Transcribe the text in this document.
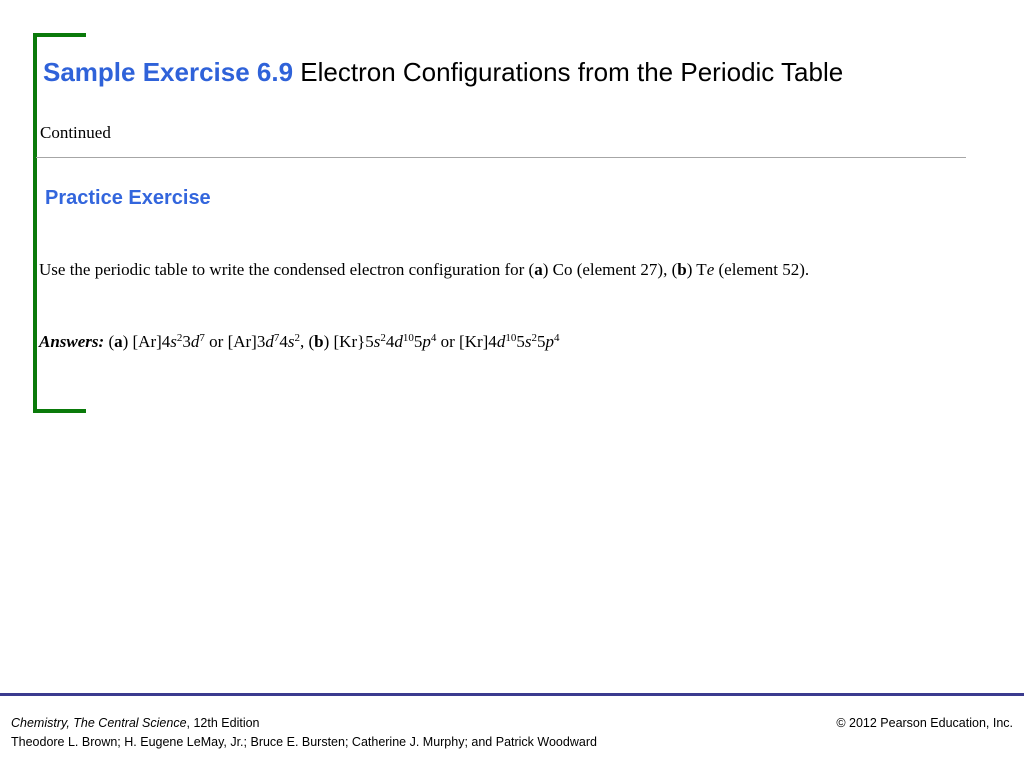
Sample Exercise 6.9 Electron Configurations from the Periodic Table
Continued
Practice Exercise
Use the periodic table to write the condensed electron configuration for (a) Co (element 27), (b) Te (element 52).
Answers: (a) $[Ar]4s^23d^7$ or $[Ar]3d^74s^2$, (b) $[Kr\}5s^24d^{10}5p^4$ or $[Kr]4d^{10}5s^25p^4$
Chemistry, The Central Science, 12th Edition
Theodore L. Brown; H. Eugene LeMay, Jr.; Bruce E. Bursten; Catherine J. Murphy; and Patrick Woodward
© 2012 Pearson Education, Inc.
